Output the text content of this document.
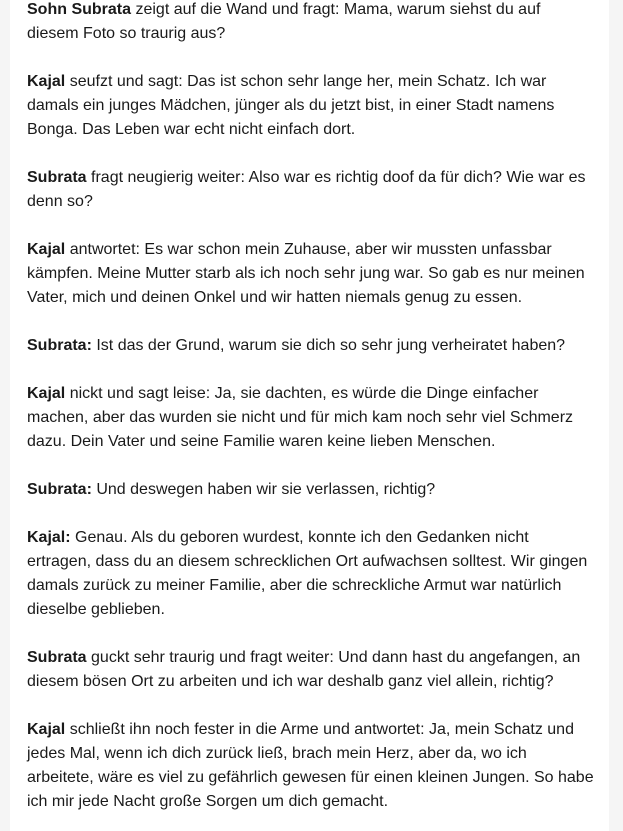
Sohn Subrata zeigt auf die Wand und fragt: Mama, warum siehst du auf diesem Foto so traurig aus?

Kajal seufzt und sagt: Das ist schon sehr lange her, mein Schatz. Ich war damals ein junges Mädchen, jünger als du jetzt bist, in einer Stadt namens Bonga. Das Leben war echt nicht einfach dort.

Subrata fragt neugierig weiter: Also war es richtig doof da für dich? Wie war es denn so?

Kajal antwortet: Es war schon mein Zuhause, aber wir mussten unfassbar kämpfen. Meine Mutter starb als ich noch sehr jung war. So gab es nur meinen Vater, mich und deinen Onkel und wir hatten niemals genug zu essen.

Subrata: Ist das der Grund, warum sie dich so sehr jung verheiratet haben?

Kajal nickt und sagt leise: Ja, sie dachten, es würde die Dinge einfacher machen, aber das wurden sie nicht und für mich kam noch sehr viel Schmerz dazu. Dein Vater und seine Familie waren keine lieben Menschen.

Subrata: Und deswegen haben wir sie verlassen, richtig?

Kajal: Genau. Als du geboren wurdest, konnte ich den Gedanken nicht ertragen, dass du an diesem schrecklichen Ort aufwachsen solltest. Wir gingen damals zurück zu meiner Familie, aber die schreckliche Armut war natürlich dieselbe geblieben.

Subrata guckt sehr traurig und fragt weiter: Und dann hast du angefangen, an diesem bösen Ort zu arbeiten und ich war deshalb ganz viel allein, richtig?

Kajal schließt ihn noch fester in die Arme und antwortet: Ja, mein Schatz und jedes Mal, wenn ich dich zurück ließ, brach mein Herz, aber da, wo ich arbeitete, wäre es viel zu gefährlich gewesen für einen kleinen Jungen. So habe ich mir jede Nacht große Sorgen um dich gemacht.
